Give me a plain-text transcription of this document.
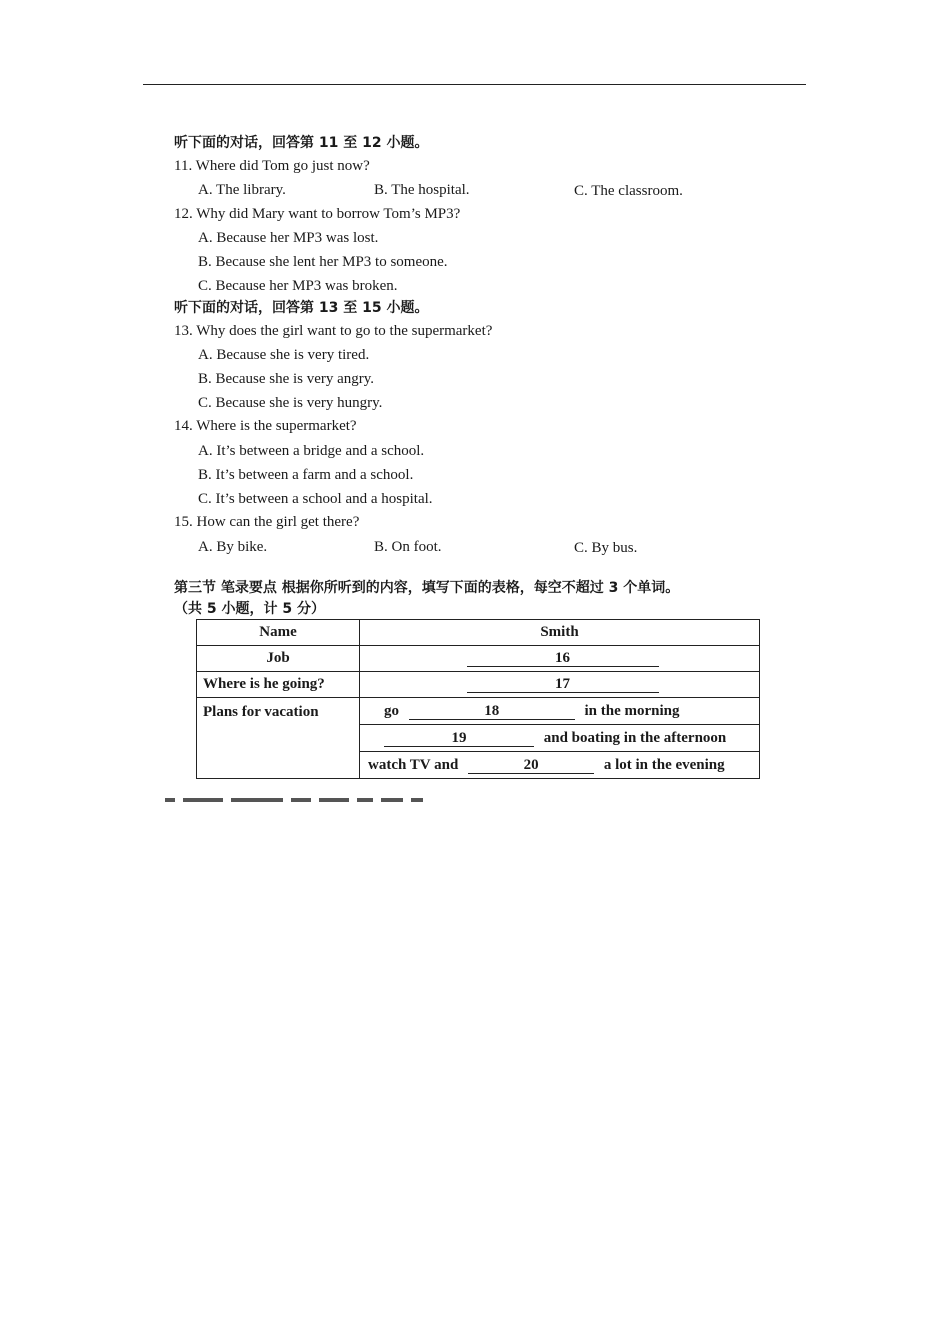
听下面的对话，回答第 11 至 12 小题。
11. Where did Tom go just now?
A. The library.	B. The hospital.	C. The classroom.
12. Why did Mary want to borrow Tom’s MP3?
A. Because her MP3 was lost.
B. Because she lent her MP3 to someone.
C. Because her MP3 was broken.
听下面的对话，回答第 13 至 15 小题。
13. Why does the girl want to go to the supermarket?
A. Because she is very tired.
B. Because she is very angry.
C. Because she is very hungry.
14. Where is the supermarket?
A. It’s between a bridge and a school.
B. It’s between a farm and a school.
C. It’s between a school and a hospital.
15. How can the girl get there?
A. By bike.	B. On foot.	C. By bus.
第三节 笔录要点 根据你所听到的内容，填写下面的表格，每空不超过 3 个单词。
（共 5 小题，计 5 分）
Name	Smith
Job	16
Where is he going?	17
Plans for vacation	go 18 in the morning
	19 and boating in the afternoon
	watch TV and 20 a lot in the evening
